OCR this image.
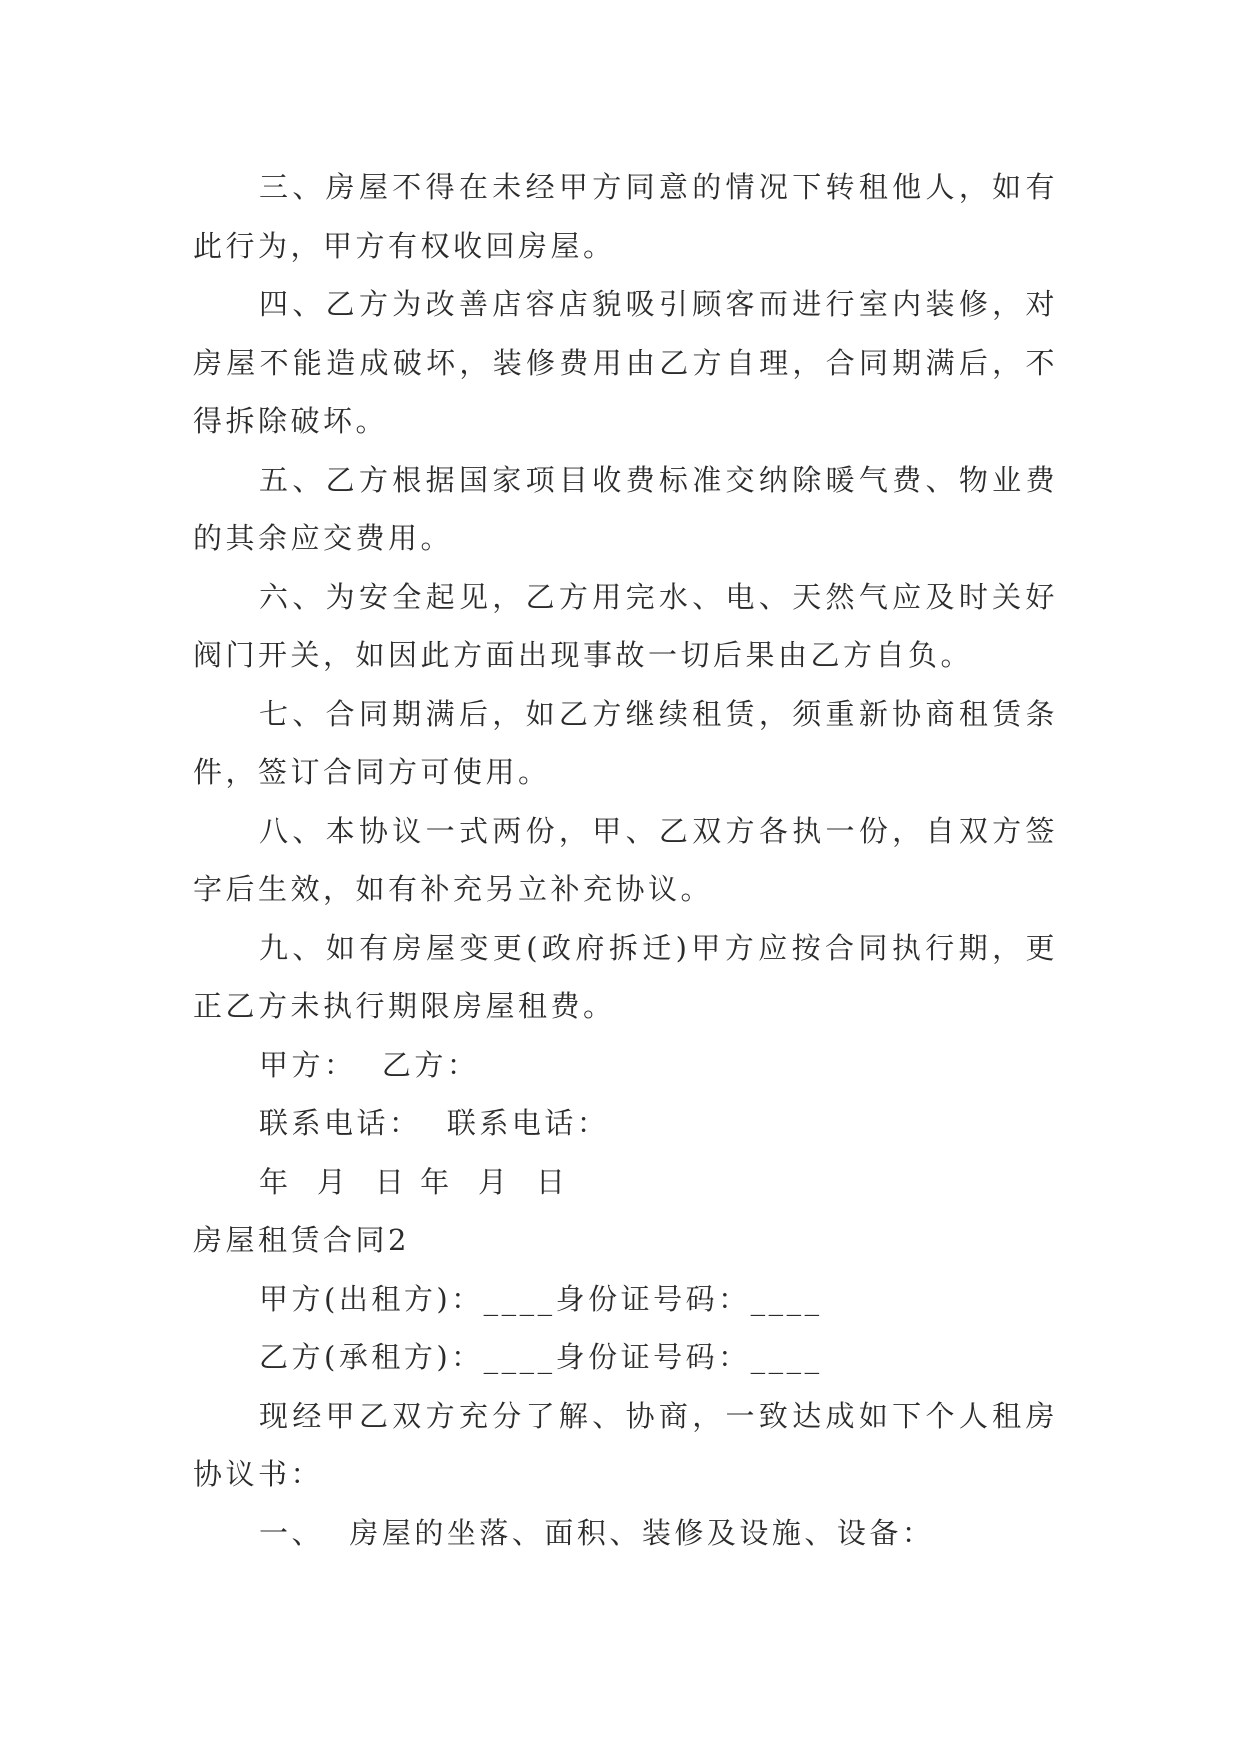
三、房屋不得在未经甲方同意的情况下转租他人，如有此行为，甲方有权收回房屋。

四、乙方为改善店容店貌吸引顾客而进行室内装修，对房屋不能造成破坏，装修费用由乙方自理，合同期满后，不得拆除破坏。

五、乙方根据国家项目收费标准交纳除暖气费、物业费的其余应交费用。

六、为安全起见，乙方用完水、电、天然气应及时关好阀门开关，如因此方面出现事故一切后果由乙方自负。

七、合同期满后，如乙方继续租赁，须重新协商租赁条件，签订合同方可使用。

八、本协议一式两份，甲、乙双方各执一份，自双方签字后生效，如有补充另立补充协议。

九、如有房屋变更(政府拆迁)甲方应按合同执行期，更正乙方未执行期限房屋租费。

甲方：  乙方：

联系电话：  联系电话：

年  月  日 年  月  日

房屋租赁合同2

甲方(出租方)：____身份证号码：____

乙方(承租方)：____身份证号码：____

现经甲乙双方充分了解、协商，一致达成如下个人租房协议书：

一、  房屋的坐落、面积、装修及设施、设备：
